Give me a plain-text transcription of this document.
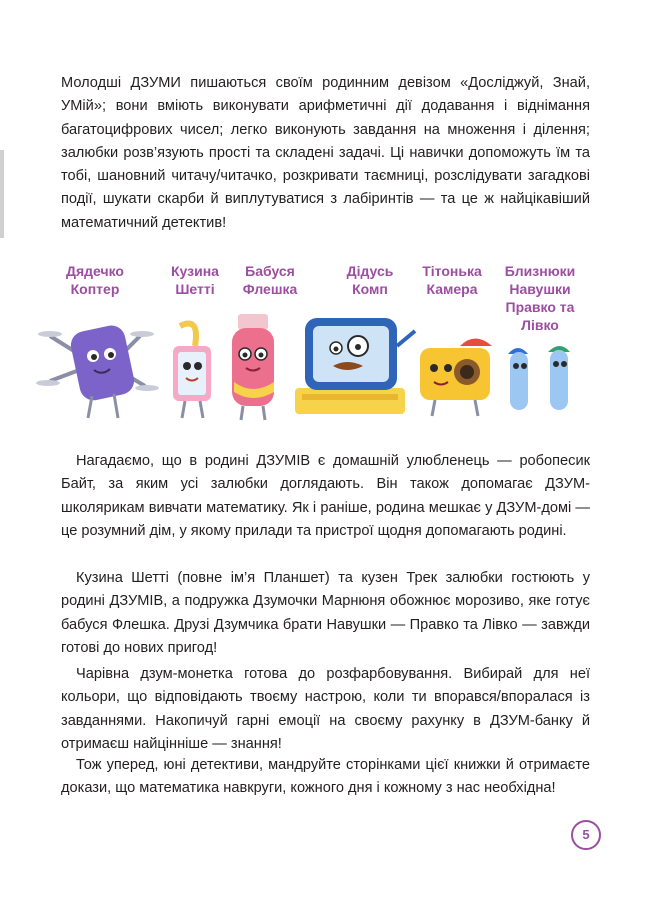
Молодші ДЗУМИ пишаються своїм родинним девізом «Досліджуй, Знай, УМій»; вони вміють виконувати арифметичні дії додавання і віднімання багатоцифрових чисел; легко виконують завдання на множення і ділення; залюбки розв’язують прості та складені задачі. Ці навички допоможуть їм та тобі, шановний читачу/читачко, розкривати таємниці, розслідувати загадкові події, шукати скарби й виплутуватися з лабіринтів — та це ж найцікавіший математичний детектив!

Дядечко Коптер
Кузина Шетті
Бабуся Флешка
Дідусь Комп
Тітонька Камера
Близнюки Навушки Правко та Лівко

Нагадаємо, що в родині ДЗУМІВ є домашній улюбленець — робопесик Байт, за яким усі залюбки доглядають. Він також допомагає ДЗУМ-школярикам вивчати математику. Як і раніше, родина мешкає у ДЗУМ-домі — це розумний дім, у якому прилади та пристрої щодня допомагають родині.

Кузина Шетті (повне ім’я Планшет) та кузен Трек залюбки гостюють у родині ДЗУМІВ, а подружка Дзумочки Марнюня обожнює морозиво, яке готує бабуся Флешка. Друзі Дзумчика брати Навушки — Правко та Лівко — завжди готові до нових пригод!

Чарівна дзум-монетка готова до розфарбовування. Вибирай для неї кольори, що відповідають твоєму настрою, коли ти впорався/впоралася із завданнями. Накопичуй гарні емоції на своєму рахунку в ДЗУМ-банку й отримаєш найцінніше — знання!

Тож уперед, юні детективи, мандруйте сторінками цієї книжки й отримаєте докази, що математика навкруги, кожного дня і кожному з нас необхідна!

5
